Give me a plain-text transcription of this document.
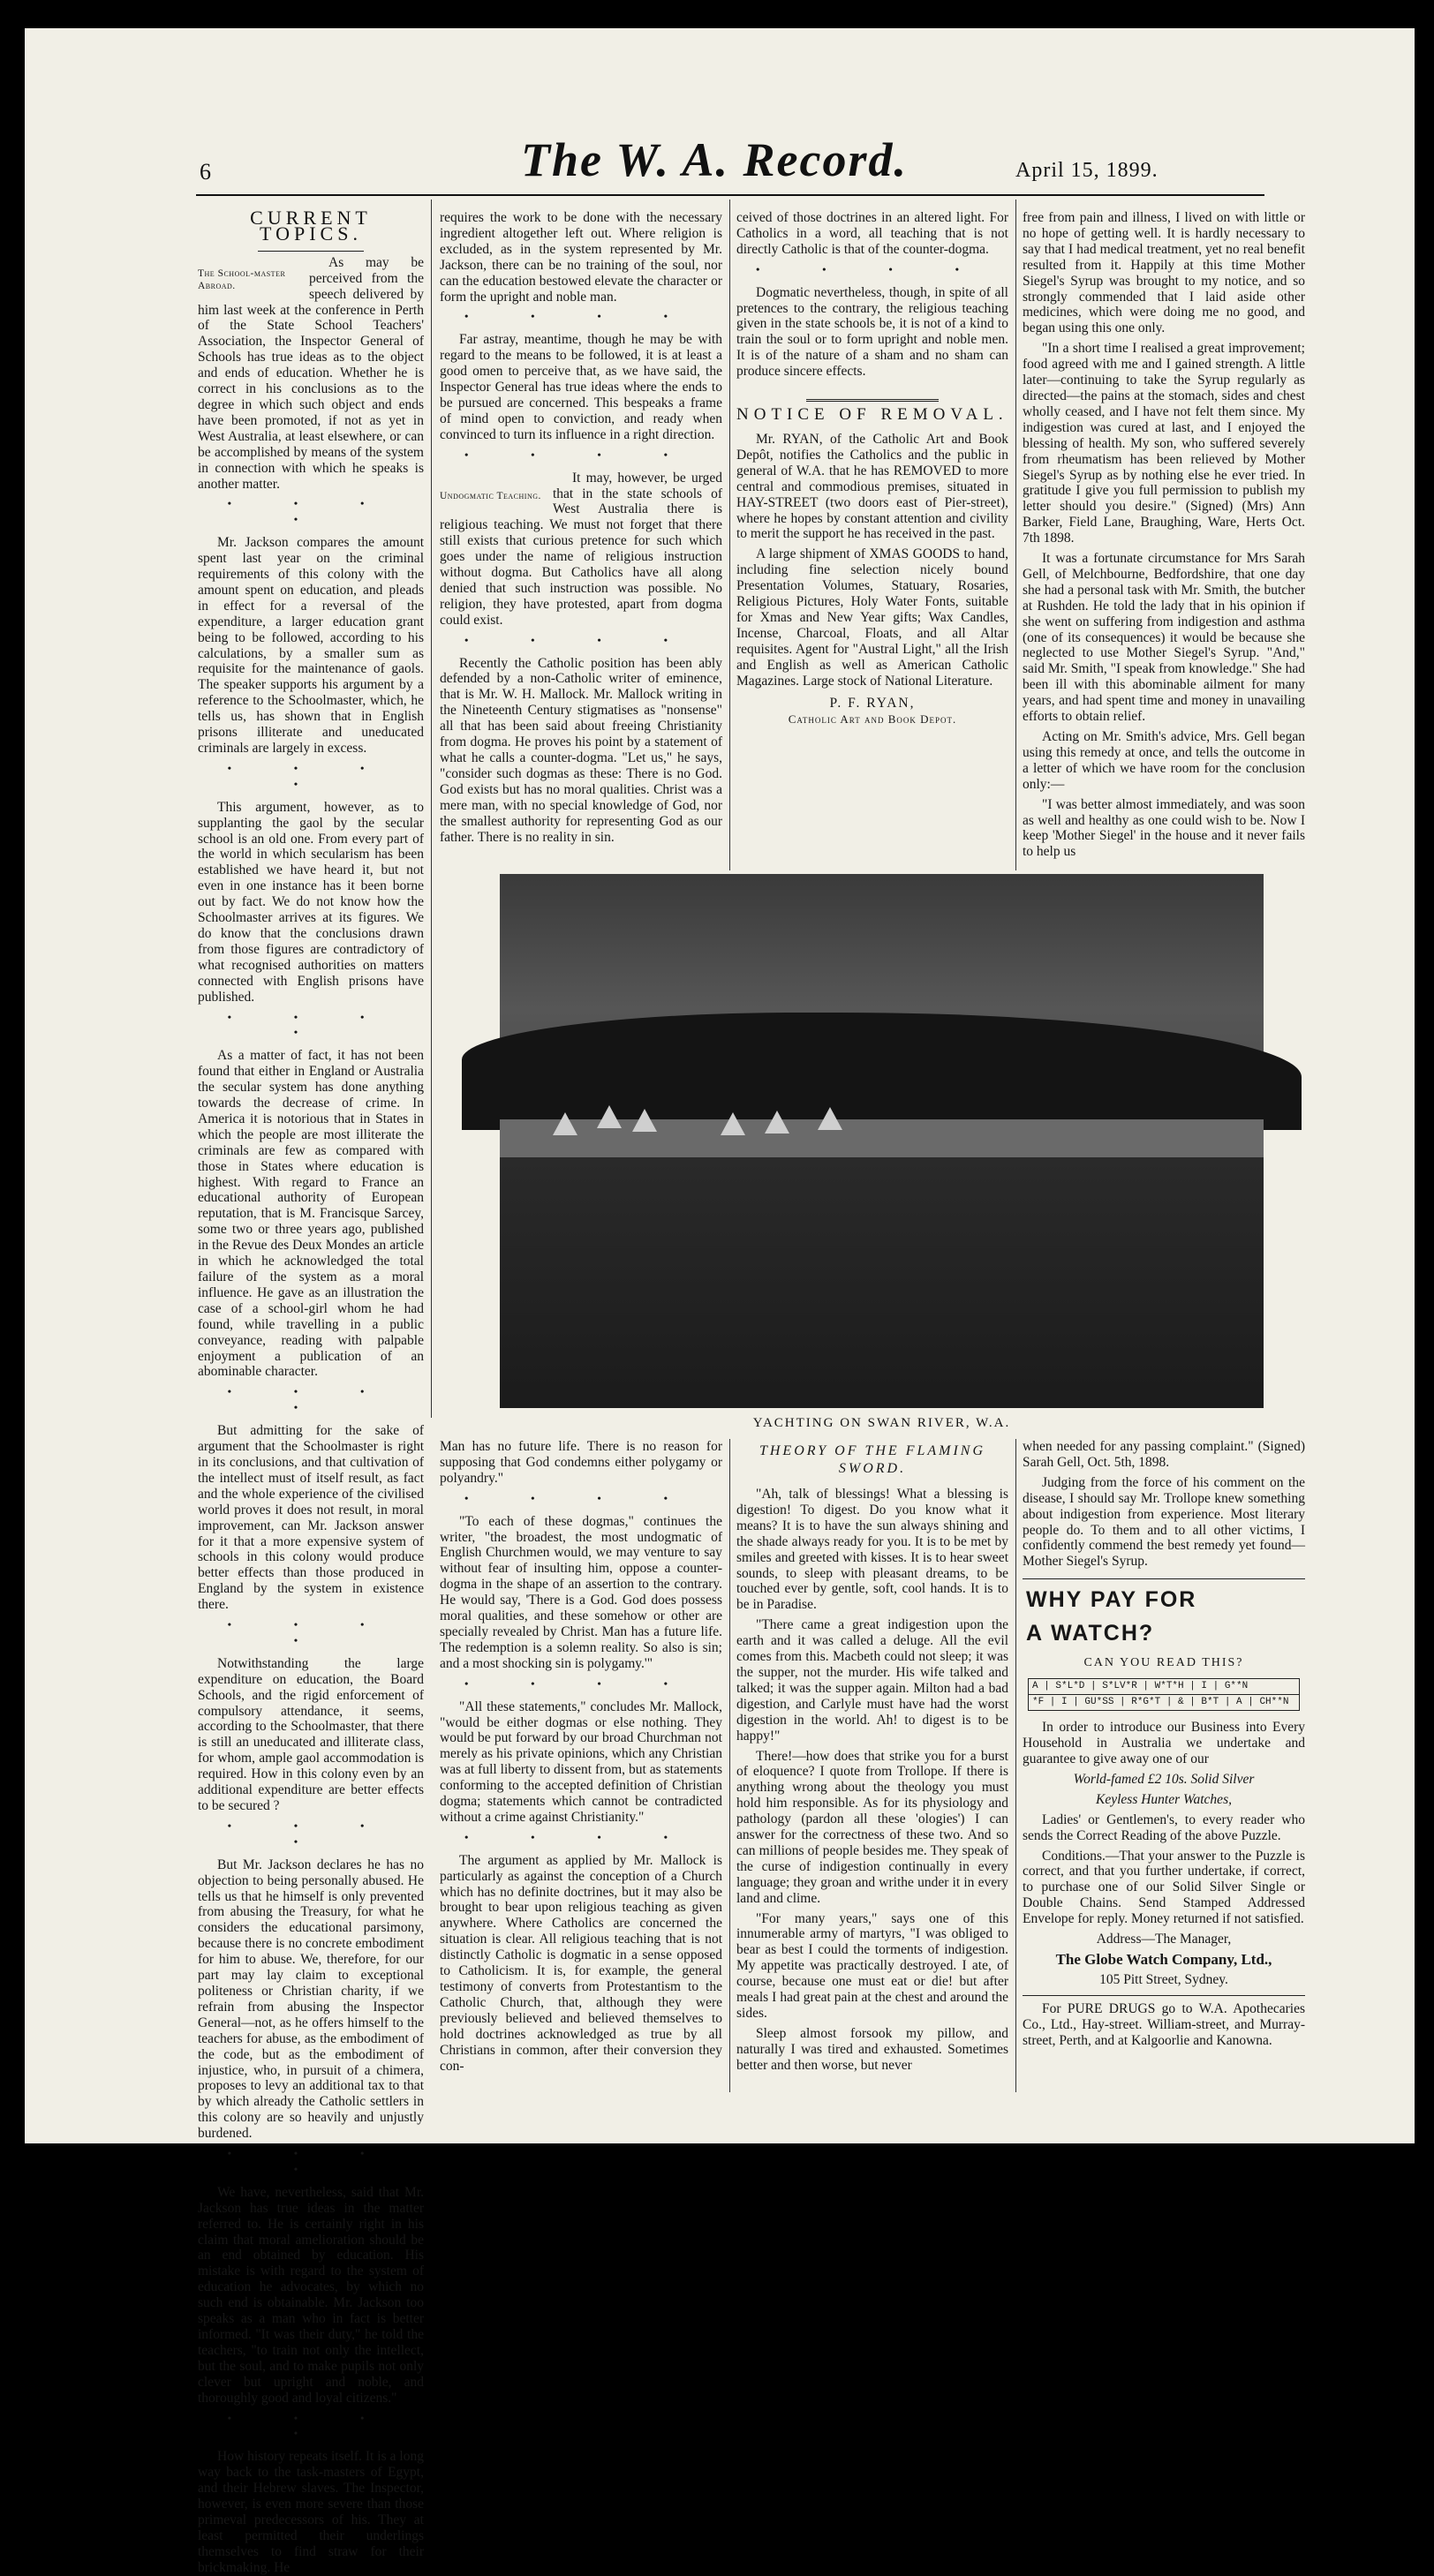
6	The W. A. Record.	April 15, 1899.
CURRENT TOPICS.
The School-master Abroad.

As may be perceived from the speech delivered by him last week at the conference in Perth of the State School Teachers' Association, the Inspector General of Schools has true ideas as to the object and ends of education. Whether he is correct in his conclusions as to the degree in which such object and ends have been promoted, if not as yet in West Australia, at least elsewhere, or can be accomplished by means of the system in connection with which he speaks is another matter.

• • • •

Mr. Jackson compares the amount spent last year on the criminal requirements of this colony with the amount spent on education, and pleads in effect for a reversal of the expenditure, a larger education grant being to be followed, according to his calculations, by a smaller sum as requisite for the maintenance of gaols. The speaker supports his argument by a reference to the Schoolmaster, which, he tells us, has shown that in English prisons illiterate and uneducated criminals are largely in excess.

• • • •

This argument, however, as to supplanting the gaol by the secular school is an old one. From every part of the world in which secularism has been established we have heard it, but not even in one instance has it been borne out by fact. We do not know how the Schoolmaster arrives at its figures. We do know that the conclusions drawn from those figures are contradictory of what recognised authorities on matters connected with English prisons have published.

• • • •

As a matter of fact, it has not been found that either in England or Australia the secular system has done anything towards the decrease of crime. In America it is notorious that in States in which the people are most illiterate the criminals are few as compared with those in States where education is highest. With regard to France an educational authority of European reputation, that is M. Francisque Sarcey, some two or three years ago, published in the Revue des Deux Mondes an article in which he acknowledged the total failure of the system as a moral influence. He gave as an illustration the case of a school-girl whom he had found, while travelling in a public conveyance, reading with palpable enjoyment a publication of an abominable character.

• • • •

But admitting for the sake of argument that the Schoolmaster is right in its conclusions, and that cultivation of the intellect must of itself result, as fact and the whole experience of the civilised world proves it does not result, in moral improvement, can Mr. Jackson answer for it that a more expensive system of schools in this colony would produce better effects than those produced in England by the system in existence there.

• • • •

Notwithstanding the large expenditure on education, the Board Schools, and the rigid enforcement of compulsory attendance, it seems, according to the Schoolmaster, that there is still an uneducated and illiterate class, for whom, ample gaol accommodation is required. How in this colony even by an additional expenditure are better effects to be secured ?

• • • •

But Mr. Jackson declares he has no objection to being personally abused. He tells us that he himself is only prevented from abusing the Treasury, for what he considers the educational parsimony, because there is no concrete embodiment for him to abuse. We, therefore, for our part may lay claim to exceptional politeness or Christian charity, if we refrain from abusing the Inspector General—not, as he offers himself to the teachers for abuse, as the embodiment of the code, but as the embodiment of injustice, who, in pursuit of a chimera, proposes to levy an additional tax to that by which already the Catholic settlers in this colony are so heavily and unjustly burdened.

• • • •

We have, nevertheless, said that Mr. Jackson has true ideas in the matter referred to. He is certainly right in his claim that moral amelioration should be an end obtained by education. His mistake is with regard to the system of education he advocates, by which no such end is obtainable. Mr. Jackson too speaks as a man who in fact is better informed. "It was their duty," he told the teachers, "to train not only the intellect, but the soul, and to make pupils not only clever but upright and noble, and thoroughly good and loyal citizens."

• • • •

How history repeats itself. It is a long way back to the task-masters of Egypt, and their Hebrew slaves. The Inspector, however, is even more severe than those primeval predecessors of his. They at least permitted their underlings themselves to find straw for their brickmaking. He

requires the work to be done with the necessary ingredient altogether left out. Where religion is excluded, as in the system represented by Mr. Jackson, there can be no training of the soul, nor can the education bestowed elevate the character or form the upright and noble man.

• • • •

Far astray, meantime, though he may be with regard to the means to be followed, it is at least a good omen to perceive that, as we have said, the Inspector General has true ideas where the ends to be pursued are concerned. This bespeaks a frame of mind open to conviction, and ready when convinced to turn its influence in a right direction.

• • • •
Undogmatic Teaching.

It may, however, be urged that in the state schools of West Australia there is religious teaching. We must not forget that there still exists that curious pretence for such which goes under the name of religious instruction without dogma. But Catholics have all along denied that such instruction was possible. No religion, they have protested, apart from dogma could exist.

• • • •

Recently the Catholic position has been ably defended by a non-Catholic writer of eminence, that is Mr. W. H. Mallock. Mr. Mallock writing in the Nineteenth Century stigmatises as "nonsense" all that has been said about freeing Christianity from dogma. He proves his point by a statement of what he calls a counter-dogma. "Let us," he says, "consider such dogmas as these: There is no God. God exists but has no moral qualities. Christ was a mere man, with no special knowledge of God, nor the smallest authority for representing God as our father. There is no reality in sin.

ceived of those doctrines in an altered light. For Catholics in a word, all teaching that is not directly Catholic is that of the counter-dogma.

• • • •

Dogmatic nevertheless, though, in spite of all pretences to the contrary, the religious teaching given in the state schools be, it is not of a kind to train the soul or to form upright and noble men. It is of the nature of a sham and no sham can produce sincere effects.

NOTICE OF REMOVAL.

Mr. RYAN, of the Catholic Art and Book Depôt, notifies the Catholics and the public in general of W.A. that he has REMOVED to more central and commodious premises, situated in HAY-STREET (two doors east of Pier-street), where he hopes by constant attention and civility to merit the support he has received in the past.

A large shipment of XMAS GOODS to hand, including fine selection nicely bound Presentation Volumes, Statuary, Rosaries, Religious Pictures, Holy Water Fonts, suitable for Xmas and New Year gifts; Wax Candles, Incense, Charcoal, Floats, and all Altar requisites. Agent for "Austral Light," all the Irish and English as well as American Catholic Magazines. Large stock of National Literature.

P. F. RYAN,
Catholic Art and Book Depot.

free from pain and illness, I lived on with little or no hope of getting well. It is hardly necessary to say that I had medical treatment, yet no real benefit resulted from it. Happily at this time Mother Siegel's Syrup was brought to my notice, and so strongly commended that I laid aside other medicines, which were doing me no good, and began using this one only.

"In a short time I realised a great improvement; food agreed with me and I gained strength. A little later—continuing to take the Syrup regularly as directed—the pains at the stomach, sides and chest wholly ceased, and I have not felt them since. My indigestion was cured at last, and I enjoyed the blessing of health. My son, who suffered severely from rheumatism has been relieved by Mother Siegel's Syrup as by nothing else he ever tried. In gratitude I give you full permission to publish my letter should you desire." (Signed) (Mrs) Ann Barker, Field Lane, Braughing, Ware, Herts Oct. 7th 1898.

It was a fortunate circumstance for Mrs Sarah Gell, of Melchbourne, Bedfordshire, that one day she had a personal task with Mr. Smith, the butcher at Rushden. He told the lady that in his opinion if she went on suffering from indigestion and asthma (one of its consequences) it would be because she neglected to use Mother Siegel's Syrup. "And," said Mr. Smith, "I speak from knowledge." She had been ill with this abominable ailment for many years, and had spent time and money in unavailing efforts to obtain relief.

Acting on Mr. Smith's advice, Mrs. Gell began using this remedy at once, and tells the outcome in a letter of which we have room for the conclusion only:—

"I was better almost immediately, and was soon as well and healthy as one could wish to be. Now I keep 'Mother Siegel' in the house and it never fails to help us

YACHTING ON SWAN RIVER, W.A.

Man has no future life. There is no reason for supposing that God condemns either polygamy or polyandry."

• • • •

"To each of these dogmas," continues the writer, "the broadest, the most undogmatic of English Churchmen would, we may venture to say without fear of insulting him, oppose a counter-dogma in the shape of an assertion to the contrary. He would say, 'There is a God. God does possess moral qualities, and these somehow or other are specially revealed by Christ. Man has a future life. The redemption is a solemn reality. So also is sin; and a most shocking sin is polygamy.'"

• • • •

"All these statements," concludes Mr. Mallock, "would be either dogmas or else nothing. They would be put forward by our broad Churchman not merely as his private opinions, which any Christian was at full liberty to dissent from, but as statements conforming to the accepted definition of Christian dogma; statements which cannot be contradicted without a crime against Christianity."

• • • •

The argument as applied by Mr. Mallock is particularly as against the conception of a Church which has no definite doctrines, but it may also be brought to bear upon religious teaching as given anywhere. Where Catholics are concerned the situation is clear. All religious teaching that is not distinctly Catholic is dogmatic in a sense opposed to Catholicism. It is, for example, the general testimony of converts from Protestantism to the Catholic Church, that, although they were previously believed and believed themselves to hold doctrines acknowledged as true by all Christians in common, after their conversion they con-

THEORY OF THE FLAMING SWORD.

"Ah, talk of blessings! What a blessing is digestion! To digest. Do you know what it means? It is to have the sun always shining and the shade always ready for you. It is to be met by smiles and greeted with kisses. It is to hear sweet sounds, to sleep with pleasant dreams, to be touched ever by gentle, soft, cool hands. It is to be in Paradise.

"There came a great indigestion upon the earth and it was called a deluge. All the evil comes from this. Macbeth could not sleep; it was the supper, not the murder. His wife talked and talked; it was the supper again. Milton had a bad digestion, and Carlyle must have had the worst digestion in the world. Ah! to digest is to be happy!"

There!—how does that strike you for a burst of eloquence? I quote from Trollope. If there is anything wrong about the theology you must hold him responsible. As for its physiology and pathology (pardon all these 'ologies') I can answer for the correctness of these two. And so can millions of people besides me. They speak of the curse of indigestion continually in every language; they groan and writhe under it in every land and clime.

"For many years," says one of this innumerable army of martyrs, "I was obliged to bear as best I could the torments of indigestion. My appetite was practically destroyed. I ate, of course, because one must eat or die! but after meals I had great pain at the chest and around the sides.

Sleep almost forsook my pillow, and naturally I was tired and exhausted. Sometimes better and then worse, but never

when needed for any passing complaint." (Signed) Sarah Gell, Oct. 5th, 1898.

Judging from the force of his comment on the disease, I should say Mr. Trollope knew something about indigestion from experience. Most literary people do. To them and to all other victims, I confidently commend the best remedy yet found—Mother Siegel's Syrup.

WHY PAY FOR
A WATCH?
CAN YOU READ THIS?
A | S*L*D | S*LV*R | W*T*H | I | G**N
*F | I | GU*SS | R*G*T | & | B*T | A | CH**N

In order to introduce our Business into Every Household in Australia we undertake and guarantee to give away one of our

World-famed £2 10s. Solid Silver

Keyless Hunter Watches,

Ladies' or Gentlemen's, to every reader who sends the Correct Reading of the above Puzzle.

Conditions.—That your answer to the Puzzle is correct, and that you further undertake, if correct, to purchase one of our Solid Silver Single or Double Chains. Send Stamped Addressed Envelope for reply. Money returned if not satisfied.

Address—The Manager,

The Globe Watch Company, Ltd.,

105 Pitt Street, Sydney.

For PURE DRUGS go to W.A. Apothecaries Co., Ltd., Hay-street. William-street, and Murray-street, Perth, and at Kalgoorlie and Kanowna.
